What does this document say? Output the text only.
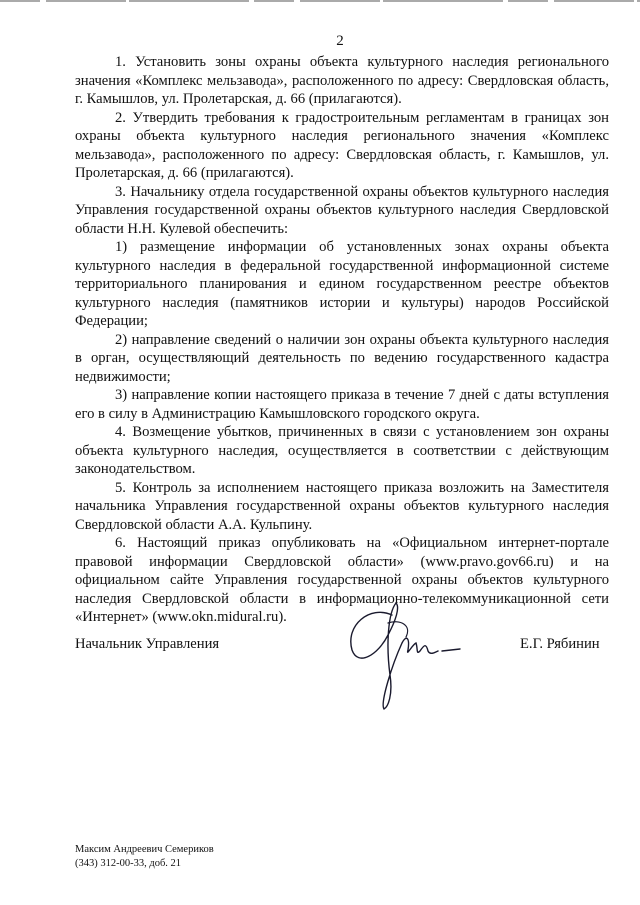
2

1. Установить зоны охраны объекта культурного наследия регионального значения «Комплекс мельзавода», расположенного по адресу: Свердловская область, г. Камышлов, ул. Пролетарская, д. 66 (прилагаются).

2. Утвердить требования к градостроительным регламентам в границах зон охраны объекта культурного наследия регионального значения «Комплекс мельзавода», расположенного по адресу: Свердловская область, г. Камышлов, ул. Пролетарская, д. 66 (прилагаются).

3. Начальнику отдела государственной охраны объектов культурного наследия Управления государственной охраны объектов культурного наследия Свердловской области Н.Н. Кулевой обеспечить:

1) размещение информации об установленных зонах охраны объекта культурного наследия в федеральной государственной информационной системе территориального планирования и едином государственном реестре объектов культурного наследия (памятников истории и культуры) народов Российской Федерации;

2) направление сведений о наличии зон охраны объекта культурного наследия в орган, осуществляющий деятельность по ведению государственного кадастра недвижимости;

3) направление копии настоящего приказа в течение 7 дней с даты вступления его в силу в Администрацию Камышловского городского округа.

4. Возмещение убытков, причиненных в связи с установлением зон охраны объекта культурного наследия, осуществляется в соответствии с действующим законодательством.

5. Контроль за исполнением настоящего приказа возложить на Заместителя начальника Управления государственной охраны объектов культурного наследия Свердловской области А.А. Кульпину.

6. Настоящий приказ опубликовать на «Официальном интернет-портале правовой информации Свердловской области» (www.pravo.gov66.ru) и на официальном сайте Управления государственной охраны объектов культурного наследия Свердловской области в информационно-телекоммуникационной сети «Интернет» (www.okn.midural.ru).

Начальник Управления	Е.Г. Рябинин
Максим Андреевич Семериков
(343) 312-00-33, доб. 21
